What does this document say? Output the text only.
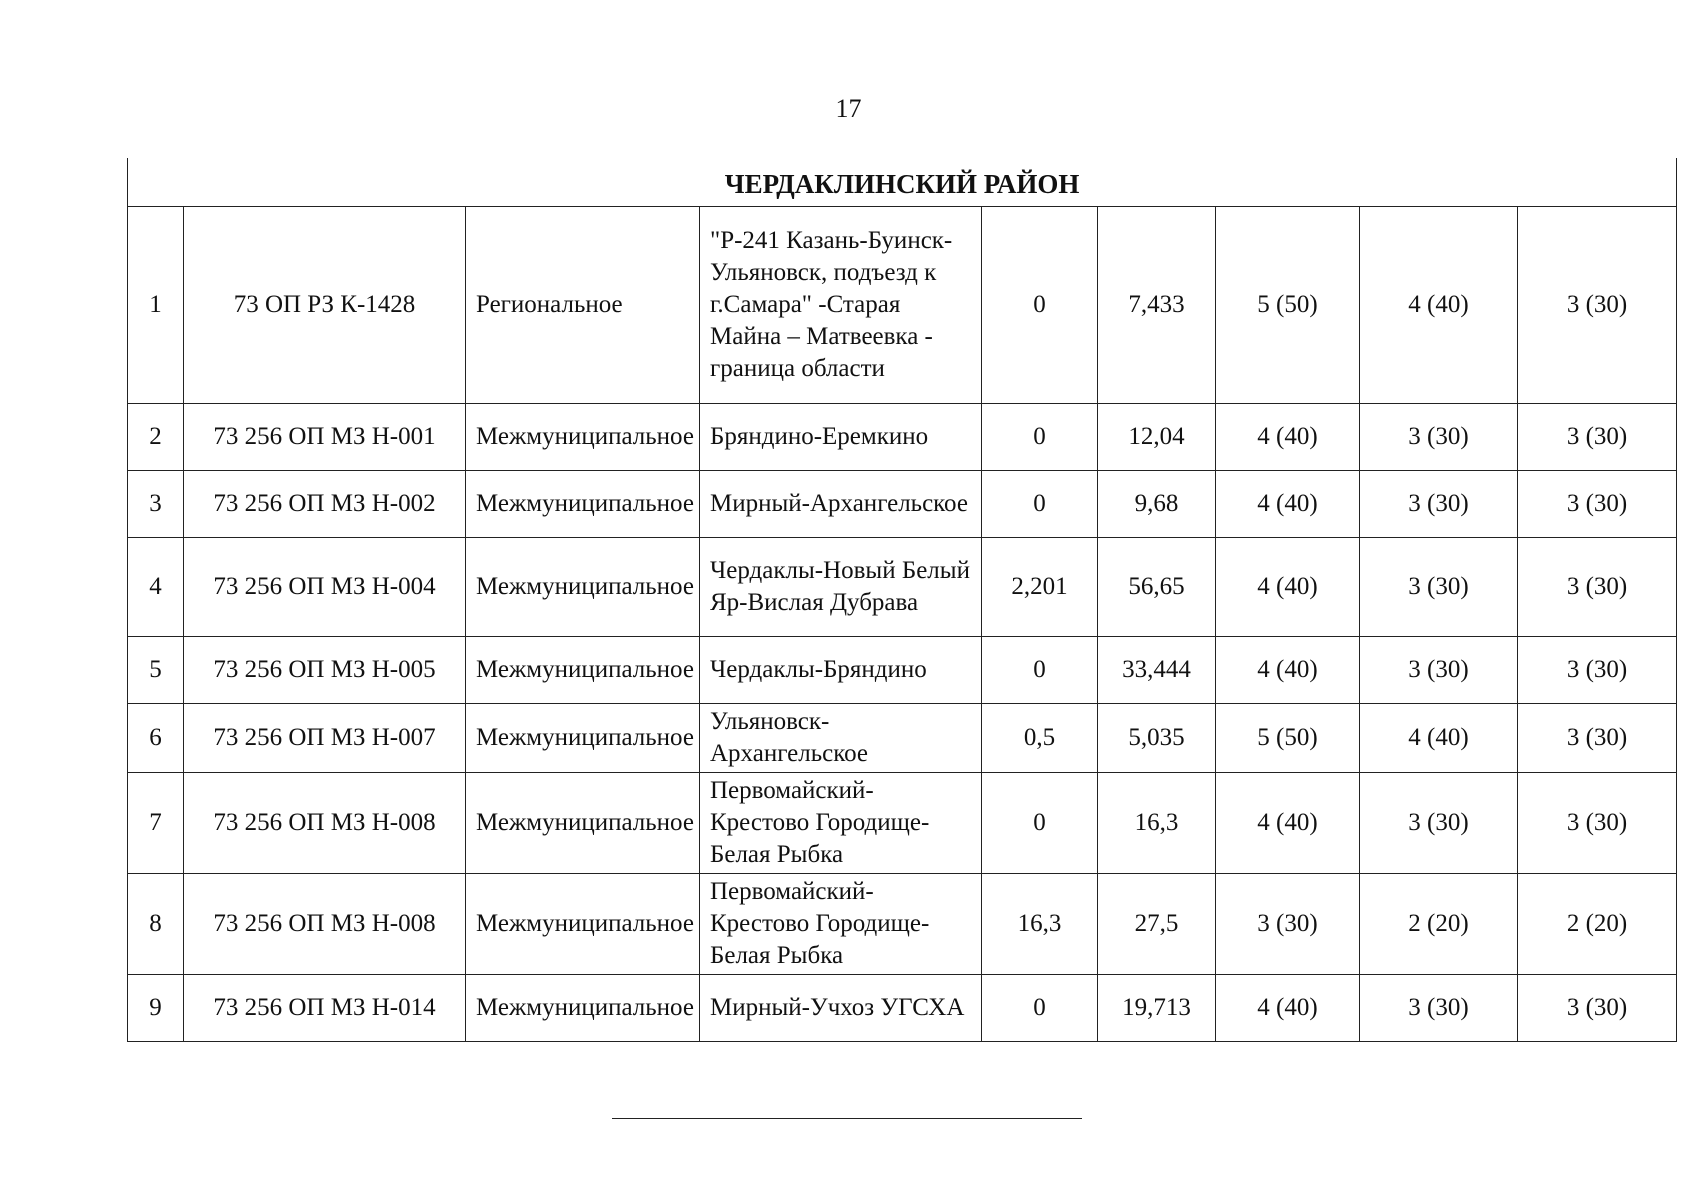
17
ЧЕРДАКЛИНСКИЙ РАЙОН								
1	73 ОП РЗ К-1428	Региональное	"Р-241 Казань-Буинск-Ульяновск, подъезд к г.Самара" -Старая Майна – Матвеевка - граница области	0	7,433	5 (50)	4 (40)	3 (30)
2	73 256 ОП МЗ Н-001	Межмуниципальное	Бряндино-Еремкино	0	12,04	4 (40)	3 (30)	3 (30)
3	73 256 ОП МЗ Н-002	Межмуниципальное	Мирный-Архангельское	0	9,68	4 (40)	3 (30)	3 (30)
4	73 256 ОП МЗ Н-004	Межмуниципальное	Чердаклы-Новый Белый Яр-Вислая Дубрава	2,201	56,65	4 (40)	3 (30)	3 (30)
5	73 256 ОП МЗ Н-005	Межмуниципальное	Чердаклы-Бряндино	0	33,444	4 (40)	3 (30)	3 (30)
6	73 256 ОП МЗ Н-007	Межмуниципальное	Ульяновск-Архангельское	0,5	5,035	5 (50)	4 (40)	3 (30)
7	73 256 ОП МЗ Н-008	Межмуниципальное	Первомайский-Крестово Городище-Белая Рыбка	0	16,3	4 (40)	3 (30)	3 (30)
8	73 256 ОП МЗ Н-008	Межмуниципальное	Первомайский-Крестово Городище-Белая Рыбка	16,3	27,5	3 (30)	2 (20)	2 (20)
9	73 256 ОП МЗ Н-014	Межмуниципальное	Мирный-Учхоз УГСХА	0	19,713	4 (40)	3 (30)	3 (30)
